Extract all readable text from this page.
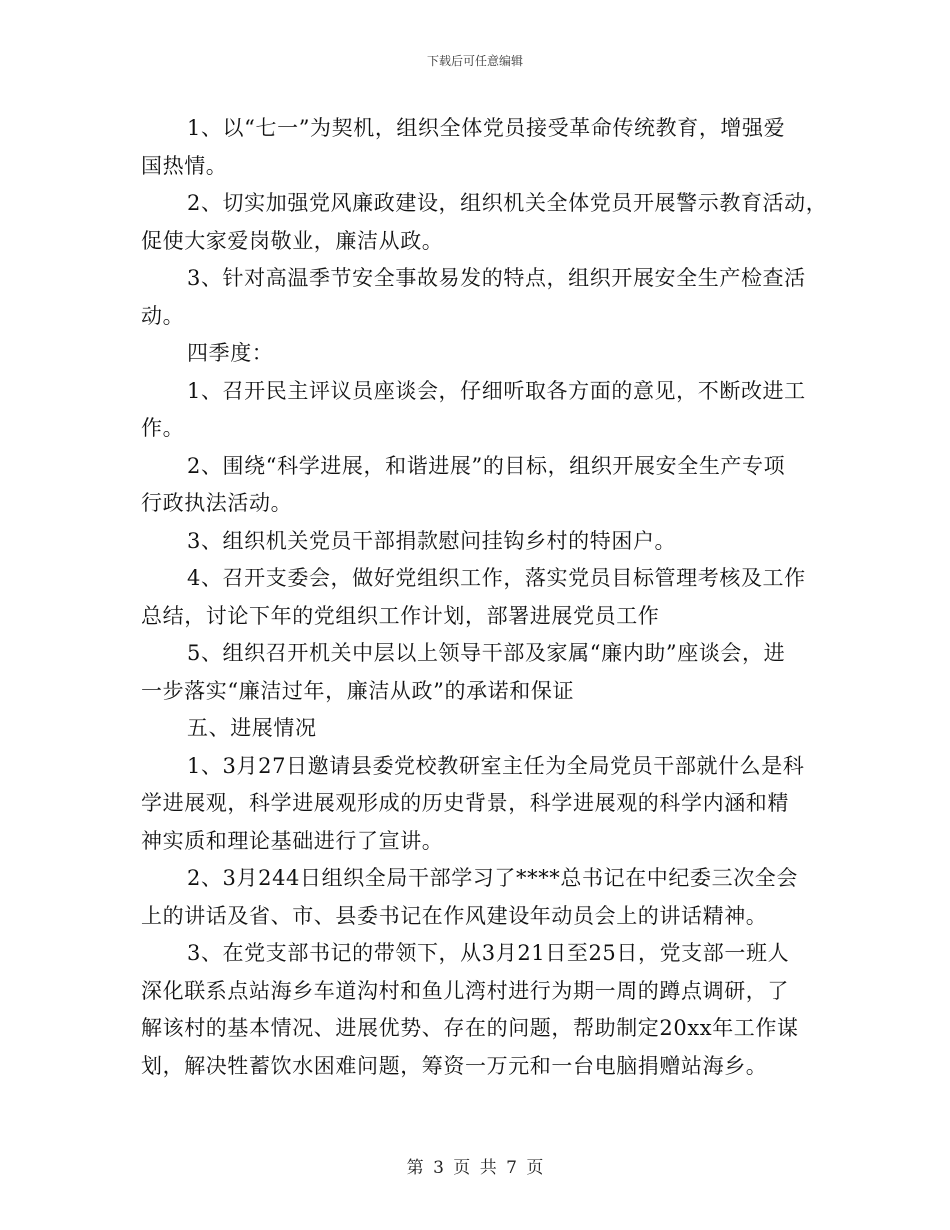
下载后可任意编辑
1、以“七一”为契机，组织全体党员接受革命传统教育，增强爱
国热情。
2、切实加强党风廉政建设，组织机关全体党员开展警示教育活动，
促使大家爱岗敬业，廉洁从政。
3、针对高温季节安全事故易发的特点，组织开展安全生产检查活
动。
四季度：
1、召开民主评议员座谈会，仔细听取各方面的意见，不断改进工
作。
2、围绕“科学进展，和谐进展”的目标，组织开展安全生产专项
行政执法活动。
3、组织机关党员干部捐款慰问挂钩乡村的特困户。
4、召开支委会，做好党组织工作，落实党员目标管理考核及工作
总结，讨论下年的党组织工作计划，部署进展党员工作
5、组织召开机关中层以上领导干部及家属“廉内助”座谈会，进
一步落实“廉洁过年，廉洁从政”的承诺和保证
五、进展情况
1、3月27日邀请县委党校教研室主任为全局党员干部就什么是科
学进展观，科学进展观形成的历史背景，科学进展观的科学内涵和精
神实质和理论基础进行了宣讲。
2、3月244日组织全局干部学习了****总书记在中纪委三次全会
上的讲话及省、市、县委书记在作风建设年动员会上的讲话精神。
3、在党支部书记的带领下，从3月21日至25日，党支部一班人
深化联系点站海乡车道沟村和鱼儿湾村进行为期一周的蹲点调研，了
解该村的基本情况、进展优势、存在的问题，帮助制定20xx年工作谋
划，解决牲蓄饮水困难问题，筹资一万元和一台电脑捐赠站海乡。
第 3 页 共 7 页
